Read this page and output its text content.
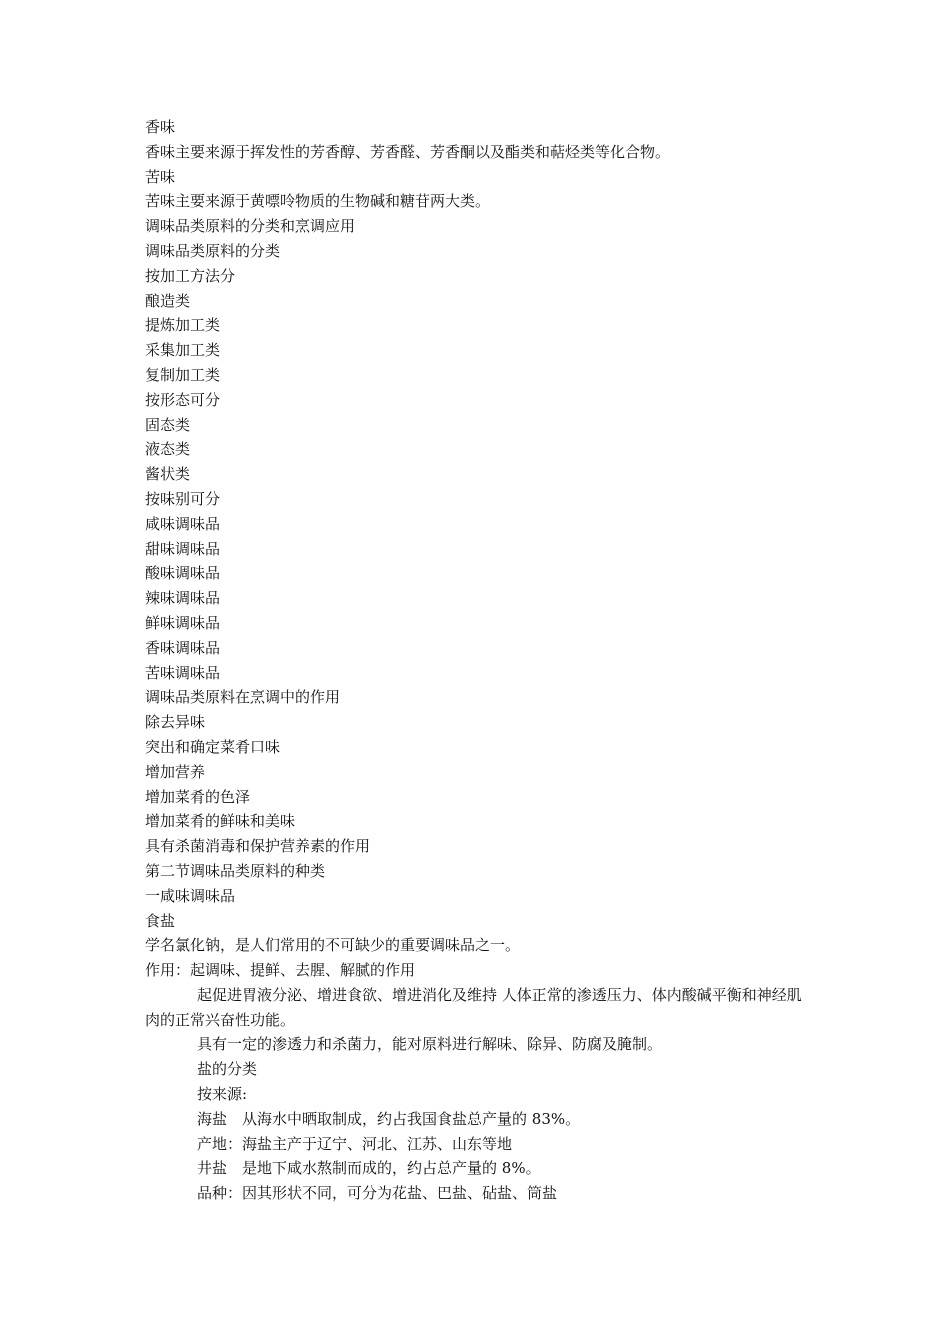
香味
香味主要来源于挥发性的芳香醇、芳香醛、芳香酮以及酯类和萜烃类等化合物。
苦味
苦味主要来源于黄嘌呤物质的生物碱和糖苷两大类。
调味品类原料的分类和烹调应用
调味品类原料的分类
按加工方法分
酿造类
提炼加工类
采集加工类
复制加工类
按形态可分
固态类
液态类
酱状类
按味别可分
咸味调味品
甜味调味品
酸味调味品
辣味调味品
鲜味调味品
香味调味品
苦味调味品
调味品类原料在烹调中的作用
除去异味
突出和确定菜肴口味
增加营养
增加菜肴的色泽
增加菜肴的鲜味和美味
具有杀菌消毒和保护营养素的作用
第二节调味品类原料的种类
一咸味调味品
食盐
学名氯化钠，是人们常用的不可缺少的重要调味品之一。
作用：起调味、提鲜、去腥、解腻的作用
起促进胃液分泌、增进食欲、增进消化及维持 人体正常的渗透压力、体内酸碱平衡和神经肌肉的正常兴奋性功能。
具有一定的渗透力和杀菌力，能对原料进行解味、除异、防腐及腌制。
盐的分类
按来源:
海盐　从海水中晒取制成，约占我国食盐总产量的 83%。
产地：海盐主产于辽宁、河北、江苏、山东等地
井盐　是地下咸水熬制而成的，约占总产量的 8%。
品种：因其形状不同，可分为花盐、巴盐、砧盐、筒盐
